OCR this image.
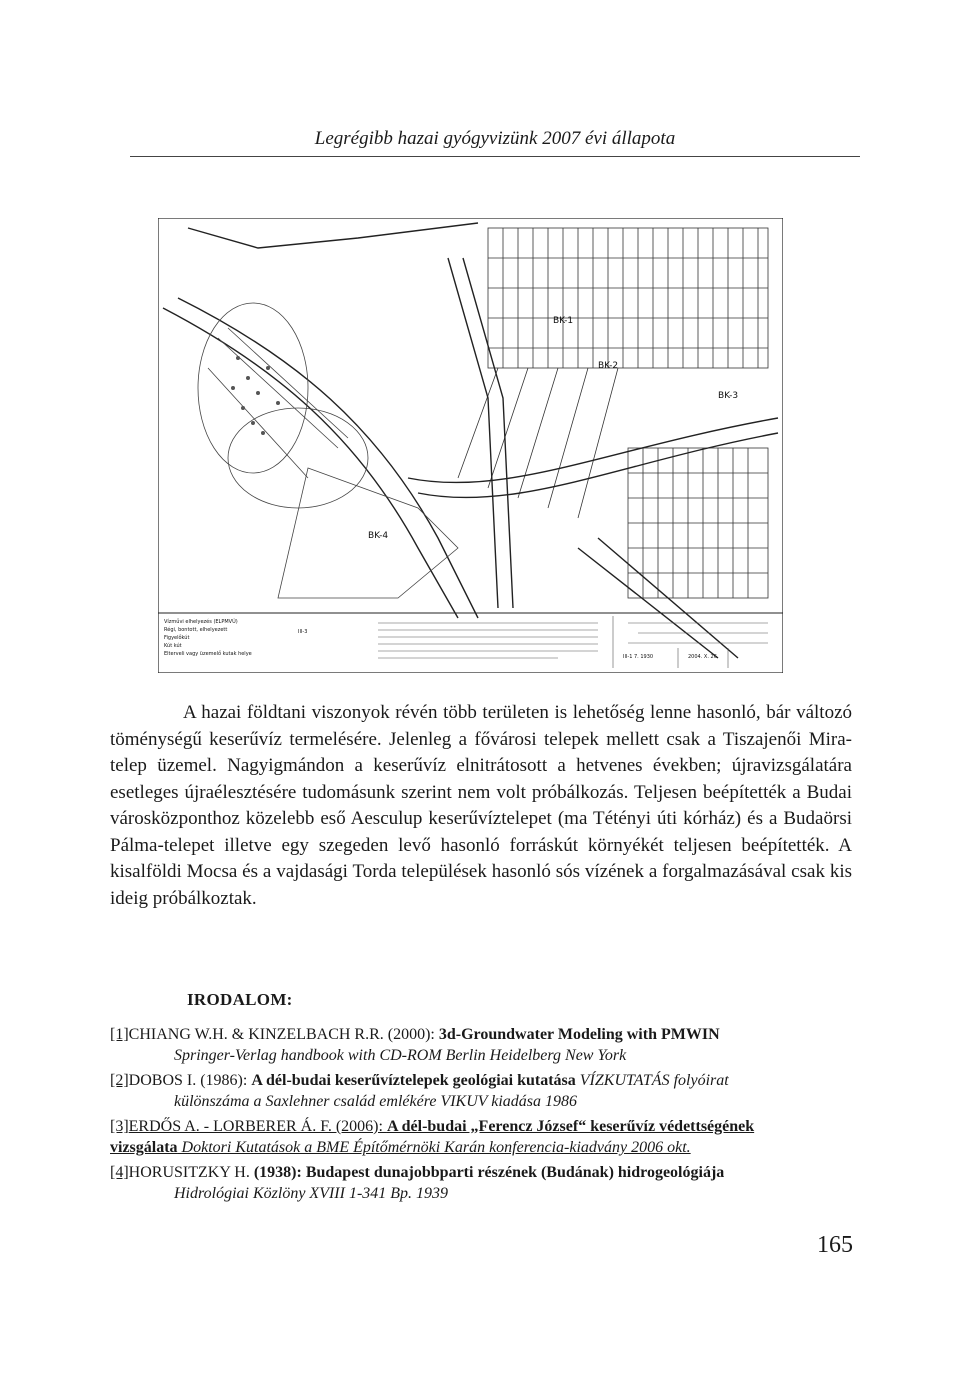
Legrégibb hazai gyógyvizünk 2007 évi állapota
BK-1
BK-2
BK-3
BK-4
Vízművi elhelyezés (ELPMVÚ)
Régi, bontott, elhelyezett
Figyelőkút
Kút kút
Elterveli vagy üzemelő kutak helye
III-3
III-1 7. 1930	2004. X. 26.

A hazai földtani viszonyok révén több területen is lehetőség lenne hasonló, bár változó töménységű keserűvíz termelésére. Jelenleg a fővárosi telepek mellett csak a Tiszajenői Mira-telep üzemel. Nagyigmándon a keserűvíz elnitrátosott a hetvenes években; újravizsgálatára esetleges újraélesztésére tudomásunk szerint nem volt próbálkozás. Teljesen beépítették a Budai városközponthoz közelebb eső Aesculup keserűvíztelepet (ma Tétényi úti kórház) és a Budaörsi Pálma-telepet illetve egy szegeden levő hasonló forráskút környékét teljesen beépítették. A kisalföldi Mocsa és a vajdasági Torda települések hasonló sós vízének a forgalmazásával csak kis ideig próbálkoztak.

IRODALOM:
[1]CHIANG W.H. & KINZELBACH R.R. (2000): 3d-Groundwater Modeling with PMWIN
Springer-Verlag handbook with CD-ROM Berlin Heidelberg New York
[2]DOBOS I. (1986): A dél-budai keserűvíztelepek geológiai kutatása VÍZKUTATÁS folyóirat
különszáma a Saxlehner család emlékére VIKUV kiadása 1986
[3]ERDŐS A. - LORBERER Á. F. (2006): A dél-budai „Ferencz József“ keserűvíz védettségének
vizsgálata Doktori Kutatások a BME Építőmérnöki Karán konferencia-kiadvány 2006 okt.
[4]HORUSITZKY H. (1938): Budapest dunajobbparti részének (Budának) hidrogeológiája
Hidrológiai Közlöny XVIII 1-341 Bp. 1939
165
